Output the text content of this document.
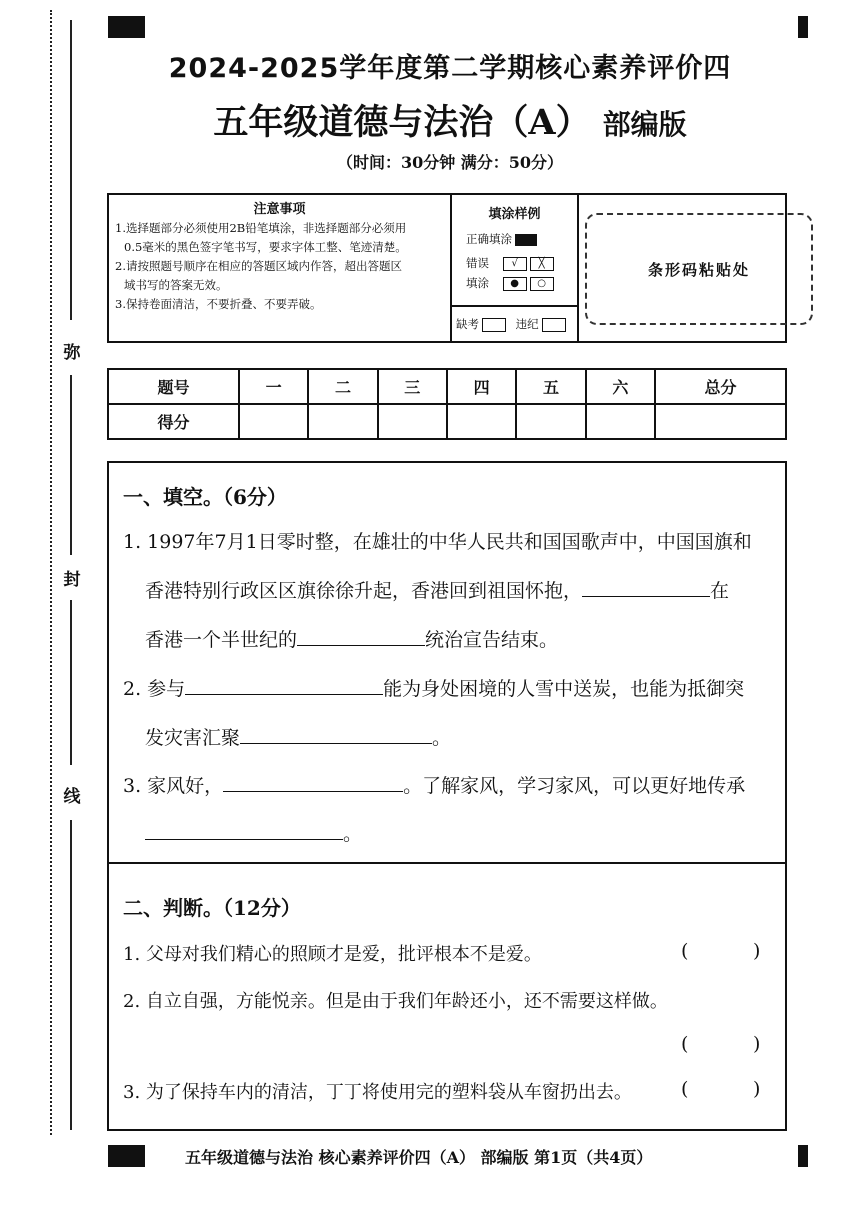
弥
封
线
2024-2025学年度第二学期核心素养评价四
五年级道德与法治（A） 部编版
（时间：30分钟 满分：50分）
注意事项
1.选择题部分必须使用2B铅笔填涂，非选择题部分必须用
0.5毫米的黑色签字笔书写，要求字体工整、笔迹清楚。
2.请按照题号顺序在相应的答题区域内作答，超出答题区
域书写的答案无效。
3.保持卷面清洁，不要折叠、不要弄破。
填涂样例
正确填涂
错误 √ ╳
填涂 ● ○
缺考	违纪
条形码粘贴处
题号	一	二	三	四	五	六	总分
得分							
一、填空。（6分）
1. 1997年7月1日零时整，在雄壮的中华人民共和国国歌声中，中国国旗和
香港特别行政区区旗徐徐升起，香港回到祖国怀抱，	在
香港一个半世纪的	统治宣告结束。
2. 参与	能为身处困境的人雪中送炭，也能为抵御突
发灾害汇聚	。
3. 家风好，	。了解家风，学习家风，可以更好地传承
。
二、判断。（12分）
1. 父母对我们精心的照顾才是爱，批评根本不是爱。	(	)
2. 自立自强，方能悦亲。但是由于我们年龄还小，还不需要这样做。
(	)
3. 为了保持车内的清洁，丁丁将使用完的塑料袋从车窗扔出去。	(	)
五年级道德与法治 核心素养评价四（A） 部编版 第1页（共4页）
